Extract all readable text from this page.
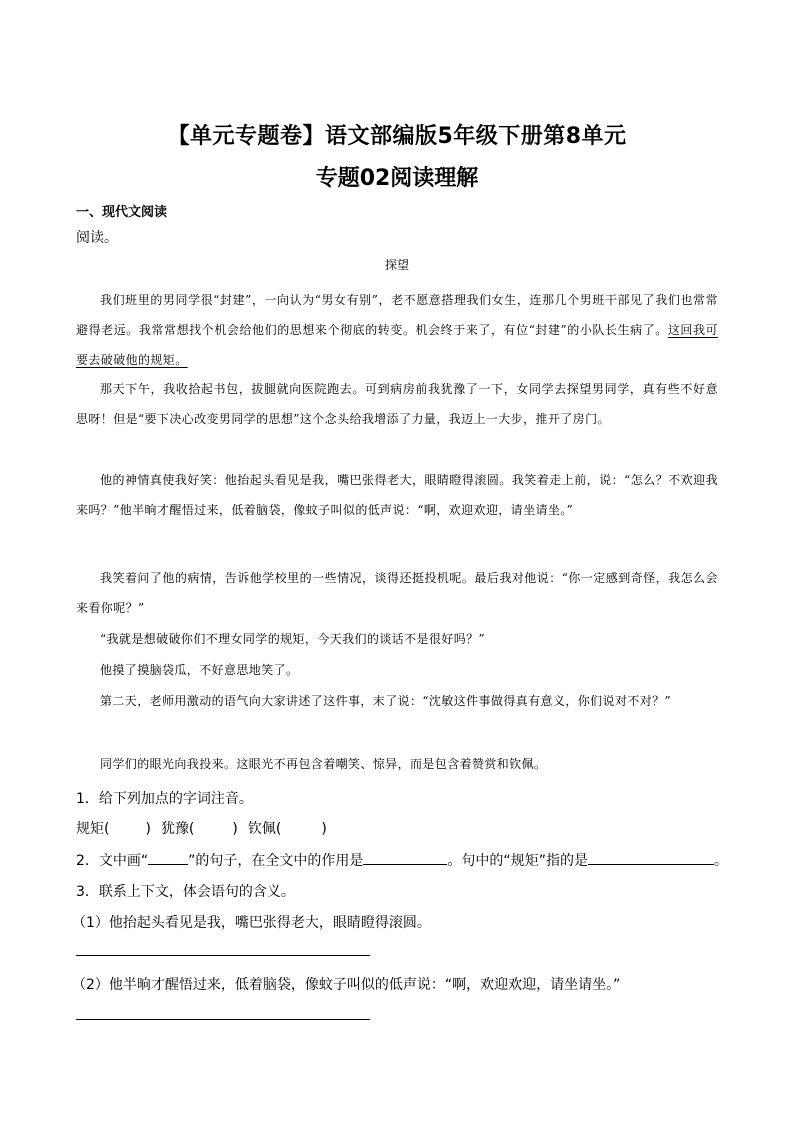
【单元专题卷】语文部编版5年级下册第8单元
专题02阅读理解
一、现代文阅读
阅读。
探望
我们班里的男同学很“封建”，一向认为“男女有别”，老不愿意搭理我们女生，连那几个男班干部见了我们也常常避得老远。我常常想找个机会给他们的思想来个彻底的转变。机会终于来了，有位“封建”的小队长生病了。这回我可要去破破他的规矩。
那天下午，我收拾起书包，拔腿就向医院跑去。可到病房前我犹豫了一下，女同学去探望男同学，真有些不好意思呀！但是“要下决心改变男同学的思想”这个念头给我增添了力量，我迈上一大步，推开了房门。
他的神情真使我好笑：他抬起头看见是我，嘴巴张得老大，眼睛瞪得滚圆。我笑着走上前，说：“怎么？不欢迎我来吗？”他半晌才醒悟过来，低着脑袋，像蚊子叫似的低声说：“啊，欢迎欢迎，请坐请坐。”
我笑着问了他的病情，告诉他学校里的一些情况，谈得还挺投机呢。最后我对他说：“你一定感到奇怪，我怎么会来看你呢？”
“我就是想破破你们不理女同学的规矩，今天我们的谈话不是很好吗？”
他摸了摸脑袋瓜，不好意思地笑了。
第二天，老师用激动的语气向大家讲述了这件事，末了说：“沈敏这件事做得真有意义，你们说对不对？”
同学们的眼光向我投来。这眼光不再包含着嘲笑、惊异，而是包含着赞赏和钦佩。
1．给下列加点的字词注音。
规矩(	) 犹豫(	) 钦佩(	)
2．文中画“	”的句子，在全文中的作用是	。句中的“规矩”指的是	。
3．联系上下文，体会语句的含义。
（1）他抬起头看见是我，嘴巴张得老大，眼睛瞪得滚圆。
（2）他半晌才醒悟过来，低着脑袋，像蚊子叫似的低声说：“啊，欢迎欢迎，请坐请坐。”
